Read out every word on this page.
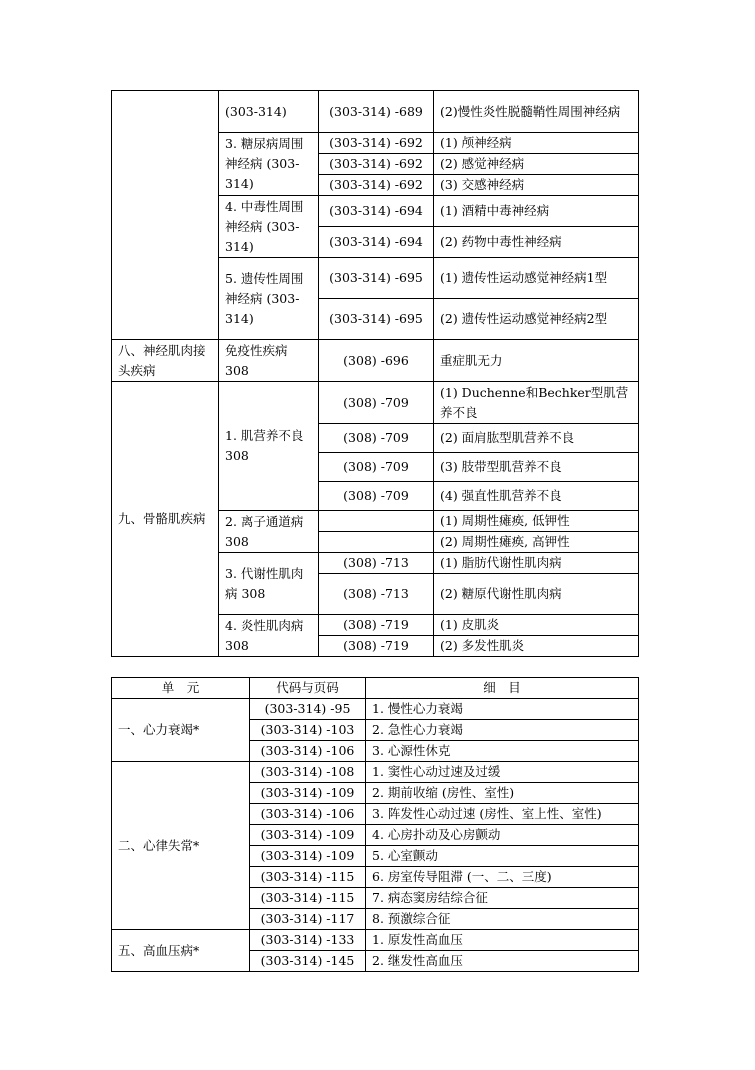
	(303-314)	(303-314) -689	(2)慢性炎性脱髓鞘性周围神经病
	3. 糖尿病周围神经病 (303-314)	(303-314) -692	(1) 颅神经病
		(303-314) -692	(2) 感觉神经病
		(303-314) -692	(3) 交感神经病
	4. 中毒性周围神经病 (303-314)	(303-314) -694	(1) 酒精中毒神经病
		(303-314) -694	(2) 药物中毒性神经病
	5. 遗传性周围神经病 (303-314)	(303-314) -695	(1) 遗传性运动感觉神经病1型
		(303-314) -695	(2) 遗传性运动感觉神经病2型
八、神经肌肉接头疾病	免疫性疾病 308	(308) -696	重症肌无力
九、骨骼肌疾病	1. 肌营养不良 308	(308) -709	(1) Duchenne和Bechker型肌营养不良
		(308) -709	(2) 面肩肱型肌营养不良
		(308) -709	(3) 肢带型肌营养不良
		(308) -709	(4) 强直性肌营养不良
	2. 离子通道病 308		(1) 周期性瘫痪, 低钾性
			(2) 周期性瘫痪, 高钾性
	3. 代谢性肌肉病 308	(308) -713	(1) 脂肪代谢性肌肉病
		(308) -713	(2) 糖原代谢性肌肉病
	4. 炎性肌肉病 308	(308) -719	(1) 皮肌炎
		(308) -719	(2) 多发性肌炎
单　元	代码与页码	细　目
一、心力衰竭*	(303-314) -95	1. 慢性心力衰竭
	(303-314) -103	2. 急性心力衰竭
	(303-314) -106	3. 心源性休克
二、心律失常*	(303-314) -108	1. 窦性心动过速及过缓
	(303-314) -109	2. 期前收缩 (房性、室性)
	(303-314) -106	3. 阵发性心动过速 (房性、室上性、室性)
	(303-314) -109	4. 心房扑动及心房颤动
	(303-314) -109	5. 心室颤动
	(303-314) -115	6. 房室传导阻滞 (一、二、三度)
	(303-314) -115	7. 病态窦房结综合征
	(303-314) -117	8. 预激综合征
五、高血压病*	(303-314) -133	1. 原发性高血压
	(303-314) -145	2. 继发性高血压
